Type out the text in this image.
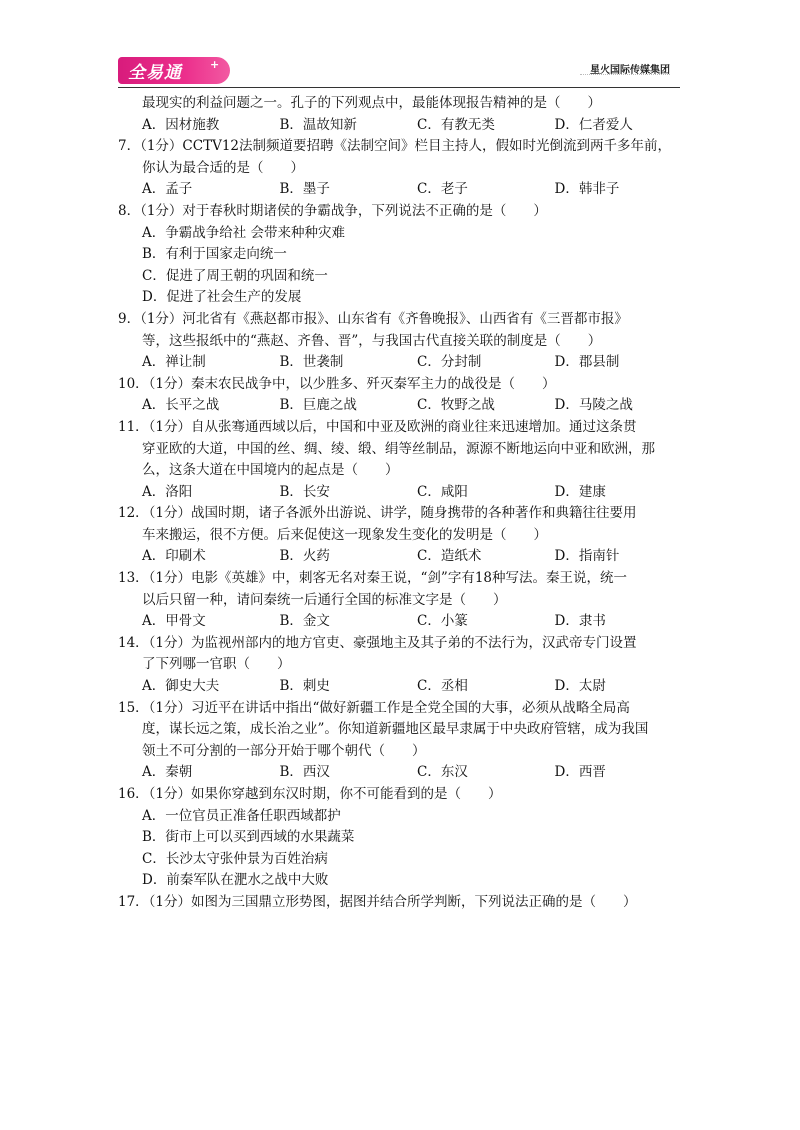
全易通	+	星火国际传媒集团
最现实的利益问题之一。孔子的下列观点中，最能体现报告精神的是（　　）
A．因材施教	B．温故知新	C．有教无类	D．仁者爱人
7．（1分）CCTV12法制频道要招聘《法制空间》栏目主持人，假如时光倒流到两千多年前，
你认为最合适的是（　　）
A．孟子	B．墨子	C．老子	D．韩非子
8．（1分）对于春秋时期诸侯的争霸战争，下列说法不正确的是（　　）
A．争霸战争给社 会带来种种灾难
B．有利于国家走向统一
C．促进了周王朝的巩固和统一
D．促进了社会生产的发展
9．（1分）河北省有《燕赵都市报》、山东省有《齐鲁晚报》、山西省有《三晋都市报》
等，这些报纸中的“燕赵、齐鲁、晋”，与我国古代直接关联的制度是（　　）
A．禅让制	B．世袭制	C．分封制	D．郡县制
10．（1分）秦末农民战争中，以少胜多、歼灭秦军主力的战役是（　　）
A．长平之战	B．巨鹿之战	C．牧野之战	D．马陵之战
11．（1分）自从张骞通西域以后，中国和中亚及欧洲的商业往来迅速增加。通过这条贯
穿亚欧的大道，中国的丝、绸、绫、缎、绢等丝制品，源源不断地运向中亚和欧洲，那
么，这条大道在中国境内的起点是（　　）
A．洛阳	B．长安	C．咸阳	D．建康
12．（1分）战国时期，诸子各派外出游说、讲学，随身携带的各种著作和典籍往往要用
车来搬运，很不方便。后来促使这一现象发生变化的发明是（　　）
A．印刷术	B．火药	C．造纸术	D．指南针
13．（1分）电影《英雄》中，刺客无名对秦王说，“剑”字有18种写法。秦王说，统一
以后只留一种，请问秦统一后通行全国的标准文字是（　　）
A．甲骨文	B．金文	C．小篆	D．隶书
14．（1分）为监视州部内的地方官吏、豪强地主及其子弟的不法行为，汉武帝专门设置
了下列哪一官职（　　）
A．御史大夫	B．刺史	C．丞相	D．太尉
15．（1分）习近平在讲话中指出“做好新疆工作是全党全国的大事，必须从战略全局高
度，谋长远之策，成长治之业”。你知道新疆地区最早隶属于中央政府管辖，成为我国
领土不可分割的一部分开始于哪个朝代（　　）
A．秦朝	B．西汉	C．东汉	D．西晋
16．（1分）如果你穿越到东汉时期，你不可能看到的是（　　）
A．一位官员正准备任职西域都护
B．街市上可以买到西域的水果蔬菜
C．长沙太守张仲景为百姓治病
D．前秦军队在淝水之战中大败
17．（1分）如图为三国鼎立形势图，据图并结合所学判断，下列说法正确的是（　　）
